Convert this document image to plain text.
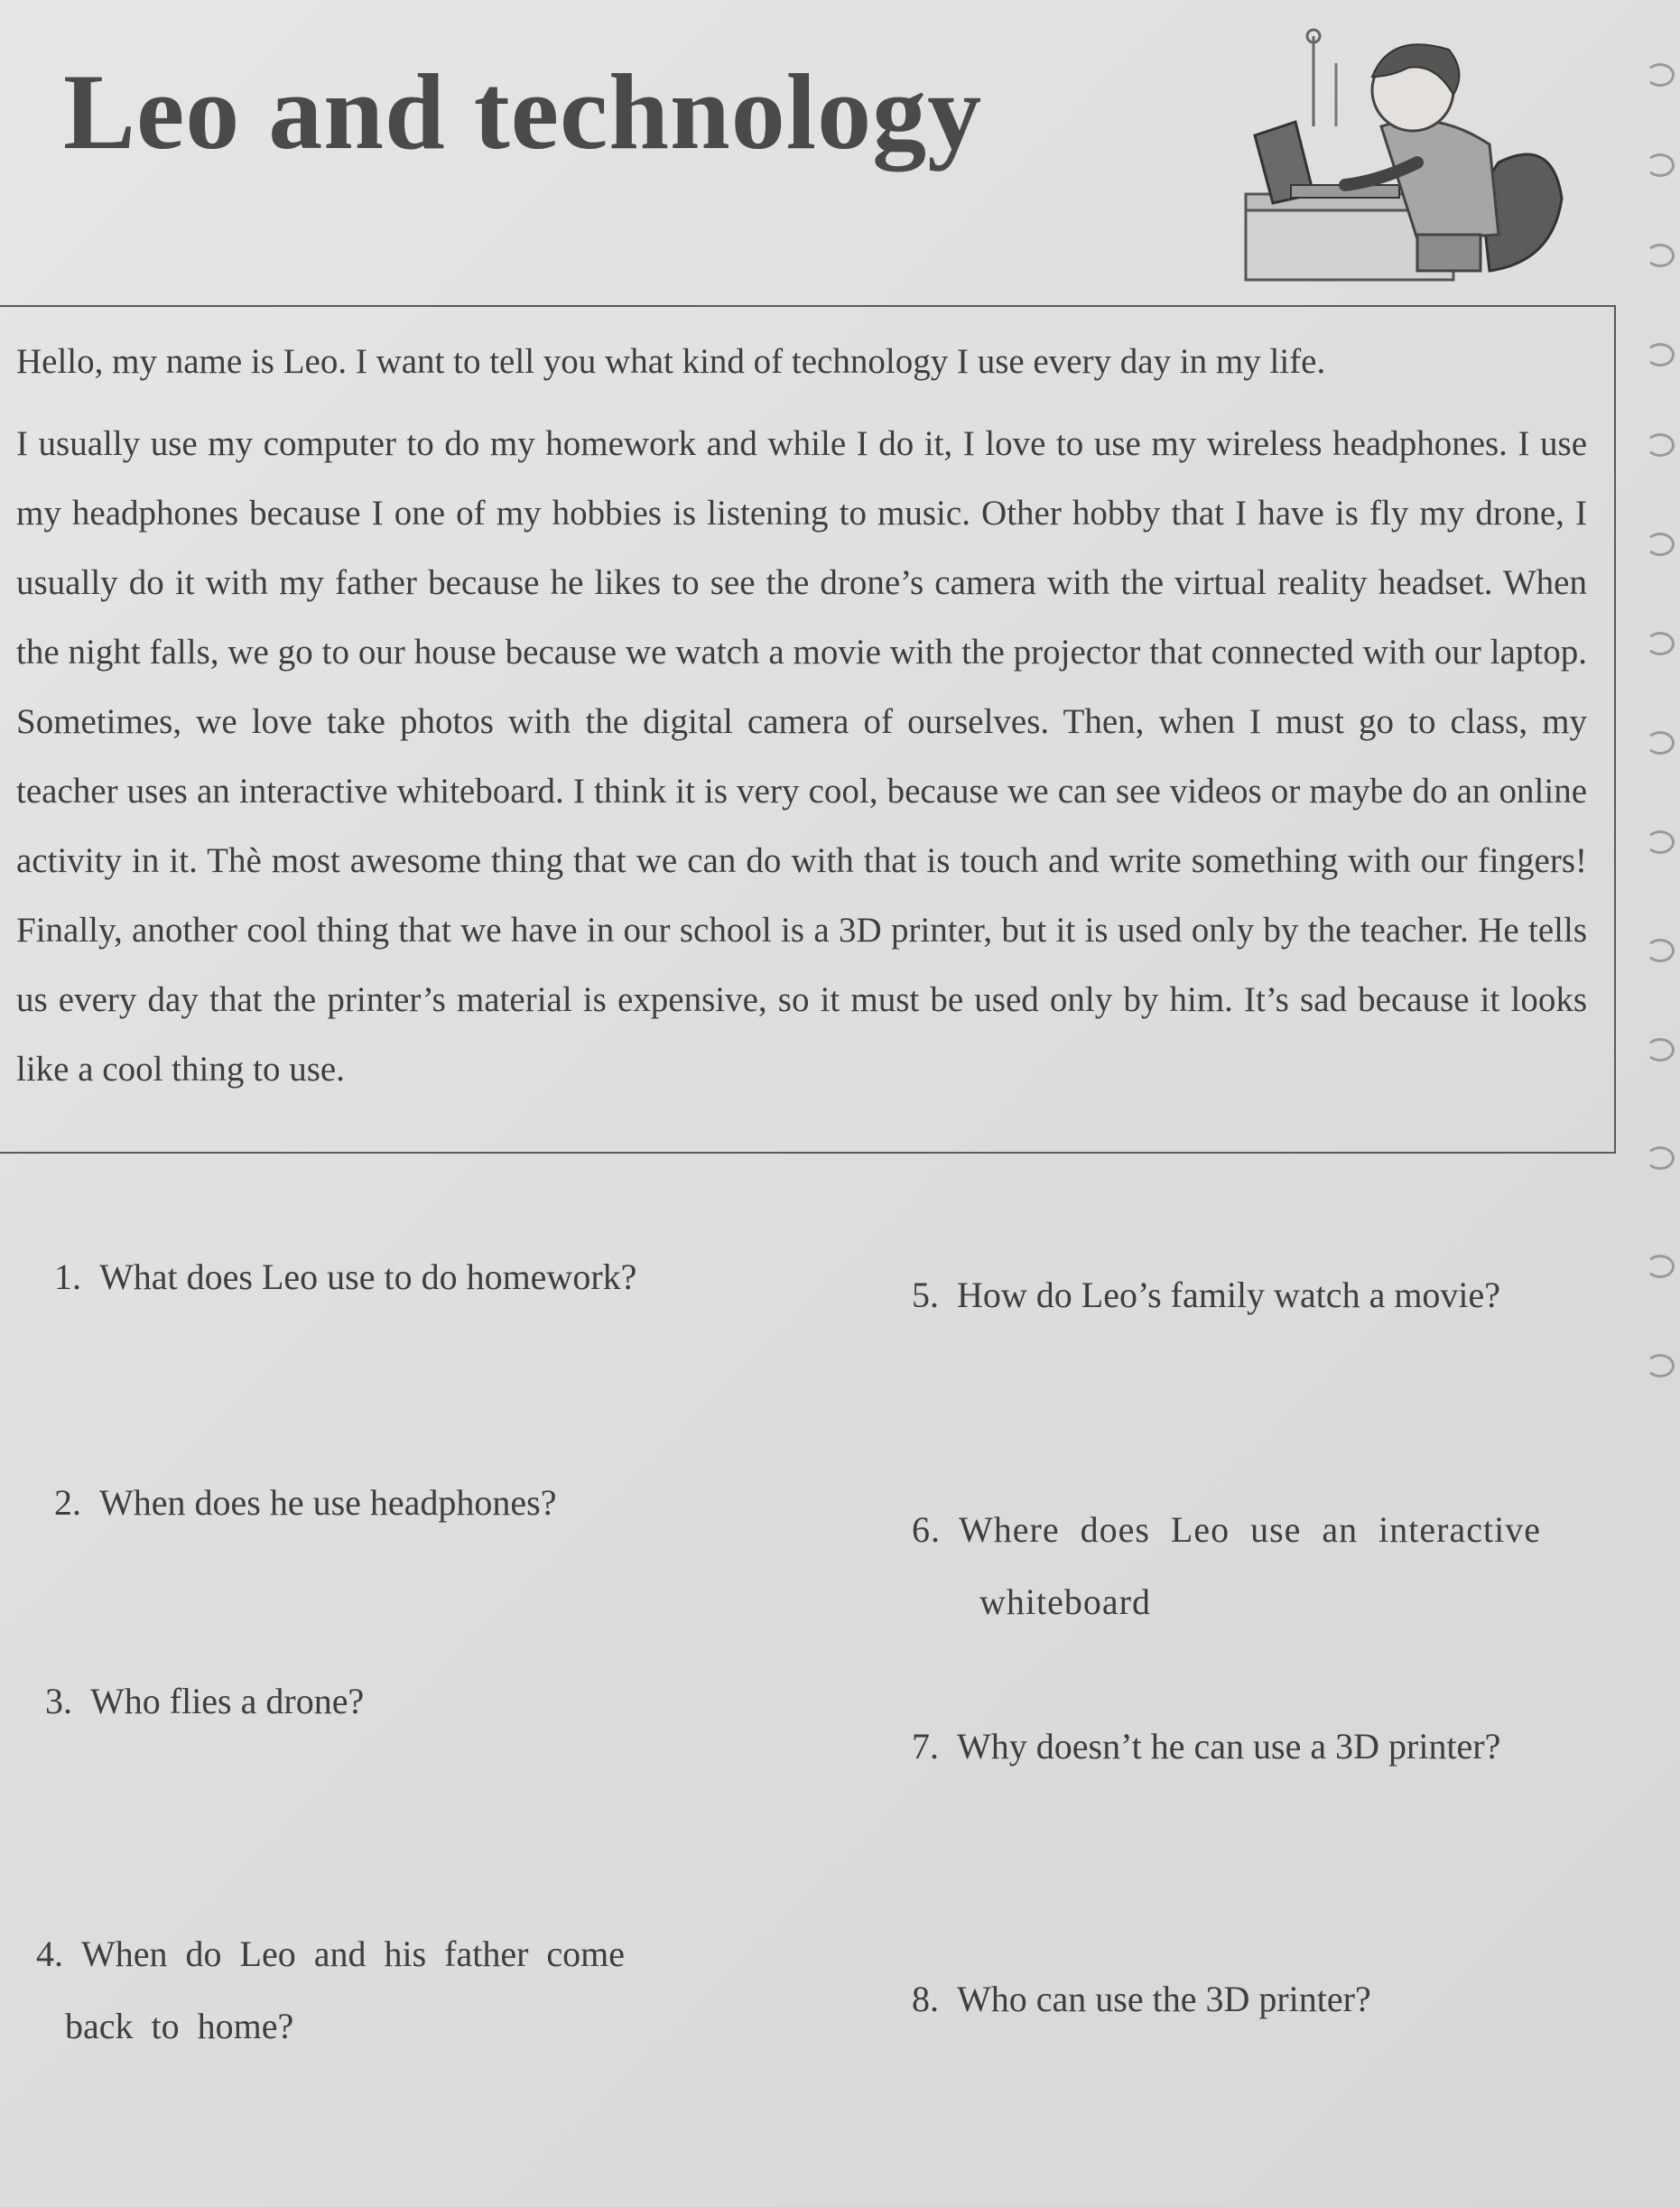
Leo and technology

Hello, my name is Leo. I want to tell you what kind of technology I use every day in my life.

I usually use my computer to do my homework and while I do it, I love to use my wireless headphones. I use my headphones because I one of my hobbies is listening to music. Other hobby that I have is fly my drone, I usually do it with my father because he likes to see the drone’s camera with the virtual reality headset. When the night falls, we go to our house because we watch a movie with the projector that connected with our laptop. Sometimes, we love take photos with the digital camera of ourselves. Then, when I must go to class, my teacher uses an interactive whiteboard. I think it is very cool, because we can see videos or maybe do an online activity in it. Thè most awesome thing that we can do with that is touch and write something with our fingers! Finally, another cool thing that we have in our school is a 3D printer, but it is used only by the teacher. He tells us every day that the printer’s material is expensive, so it must be used only by him. It’s sad because it looks like a cool thing to use.

1. What does Leo use to do homework?

2. When does he use headphones?

3. Who flies a drone?

4. When do Leo and his father come
back to home?

5. How do Leo’s family watch a movie?

6. Where does Leo use an interactive
whiteboard

7. Why doesn’t he can use a 3D printer?

8. Who can use the 3D printer?
